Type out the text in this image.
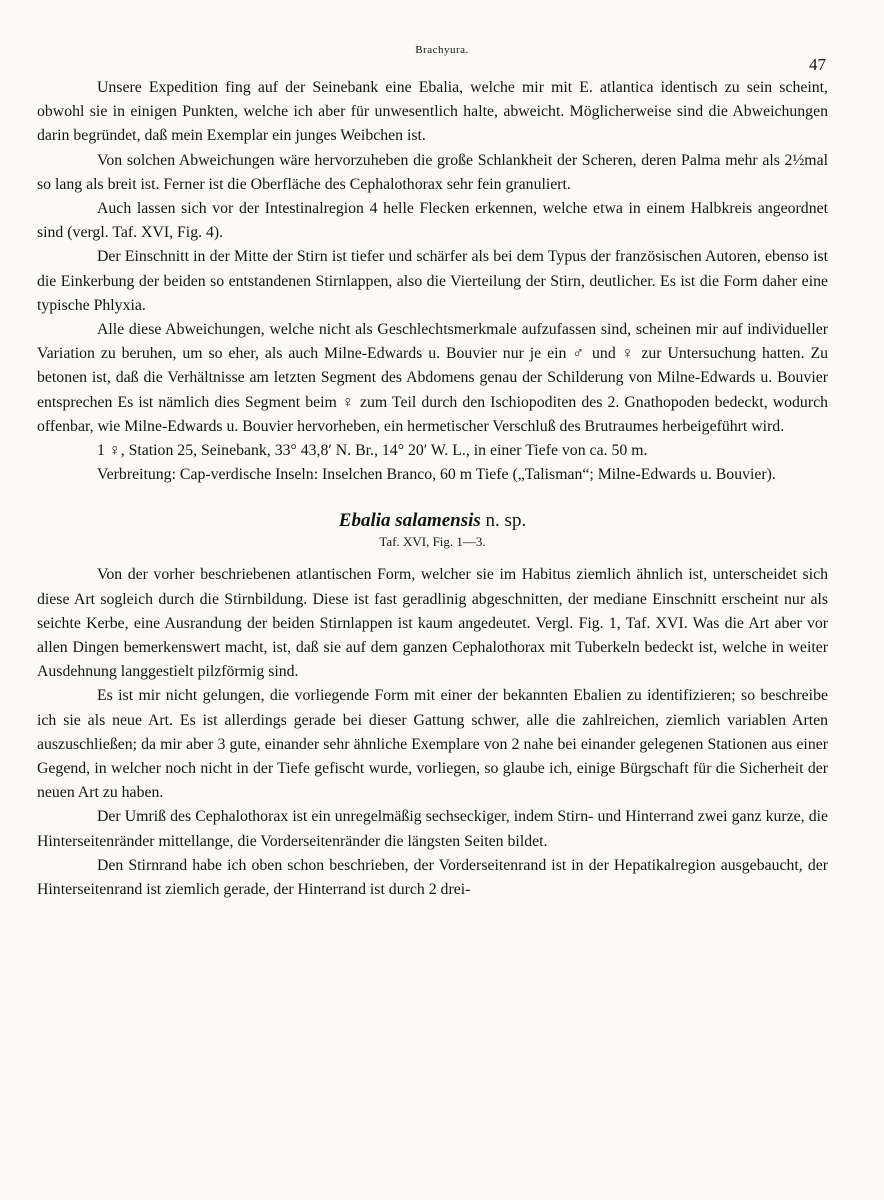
Brachyura.
47

Unsere Expedition fing auf der Seinebank eine Ebalia, welche mir mit E. atlantica identisch zu sein scheint, obwohl sie in einigen Punkten, welche ich aber für unwesentlich halte, abweicht. Möglicherweise sind die Abweichungen darin begründet, daß mein Exemplar ein junges Weibchen ist.

Von solchen Abweichungen wäre hervorzuheben die große Schlankheit der Scheren, deren Palma mehr als 2½mal so lang als breit ist. Ferner ist die Oberfläche des Cephalothorax sehr fein granuliert.

Auch lassen sich vor der Intestinalregion 4 helle Flecken erkennen, welche etwa in einem Halbkreis angeordnet sind (vergl. Taf. XVI, Fig. 4).

Der Einschnitt in der Mitte der Stirn ist tiefer und schärfer als bei dem Typus der französischen Autoren, ebenso ist die Einkerbung der beiden so entstandenen Stirnlappen, also die Vierteilung der Stirn, deutlicher. Es ist die Form daher eine typische Phlyxia.

Alle diese Abweichungen, welche nicht als Geschlechtsmerkmale aufzufassen sind, scheinen mir auf individueller Variation zu beruhen, um so eher, als auch Milne-Edwards u. Bouvier nur je ein ♂ und ♀ zur Untersuchung hatten. Zu betonen ist, daß die Verhältnisse am letzten Segment des Abdomens genau der Schilderung von Milne-Edwards u. Bouvier entsprechen Es ist nämlich dies Segment beim ♀ zum Teil durch den Ischiopoditen des 2. Gnathopoden bedeckt, wodurch offenbar, wie Milne-Edwards u. Bouvier hervorheben, ein hermetischer Verschluß des Brutraumes herbeigeführt wird.

1 ♀, Station 25, Seinebank, 33° 43,8′ N. Br., 14° 20′ W. L., in einer Tiefe von ca. 50 m.

Verbreitung: Cap-verdische Inseln: Inselchen Branco, 60 m Tiefe („Talisman“; Milne-Edwards u. Bouvier).

Ebalia salamensis n. sp.
Taf. XVI, Fig. 1—3.

Von der vorher beschriebenen atlantischen Form, welcher sie im Habitus ziemlich ähnlich ist, unterscheidet sich diese Art sogleich durch die Stirnbildung. Diese ist fast geradlinig abgeschnitten, der mediane Einschnitt erscheint nur als seichte Kerbe, eine Ausrandung der beiden Stirnlappen ist kaum angedeutet. Vergl. Fig. 1, Taf. XVI. Was die Art aber vor allen Dingen bemerkenswert macht, ist, daß sie auf dem ganzen Cephalothorax mit Tuberkeln bedeckt ist, welche in weiter Ausdehnung langgestielt pilzförmig sind.

Es ist mir nicht gelungen, die vorliegende Form mit einer der bekannten Ebalien zu identifizieren; so beschreibe ich sie als neue Art. Es ist allerdings gerade bei dieser Gattung schwer, alle die zahlreichen, ziemlich variablen Arten auszuschließen; da mir aber 3 gute, einander sehr ähnliche Exemplare von 2 nahe bei einander gelegenen Stationen aus einer Gegend, in welcher noch nicht in der Tiefe gefischt wurde, vorliegen, so glaube ich, einige Bürgschaft für die Sicherheit der neuen Art zu haben.

Der Umriß des Cephalothorax ist ein unregelmäßig sechseckiger, indem Stirn- und Hinterrand zwei ganz kurze, die Hinterseitenränder mittellange, die Vorderseitenränder die längsten Seiten bildet.

Den Stirnrand habe ich oben schon beschrieben, der Vorderseitenrand ist in der Hepatikalregion ausgebaucht, der Hinterseitenrand ist ziemlich gerade, der Hinterrand ist durch 2 drei-
